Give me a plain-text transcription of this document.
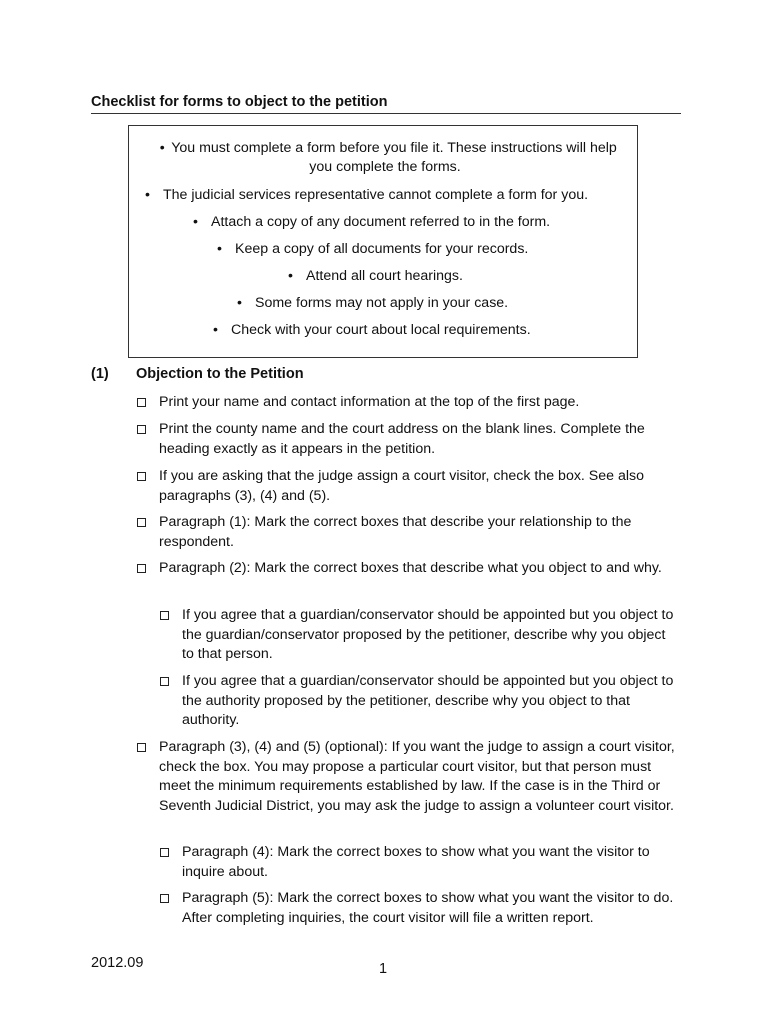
Checklist for forms to object to the petition
• You must complete a form before you file it. These instructions will help you complete the forms.
• The judicial services representative cannot complete a form for you.
• Attach a copy of any document referred to in the form.
• Keep a copy of all documents for your records.
• Attend all court hearings.
• Some forms may not apply in your case.
• Check with your court about local requirements.
(1) Objection to the Petition
Print your name and contact information at the top of the first page.
Print the county name and the court address on the blank lines. Complete the heading exactly as it appears in the petition.
If you are asking that the judge assign a court visitor, check the box. See also paragraphs (3), (4) and (5).
Paragraph (1): Mark the correct boxes that describe your relationship to the respondent.
Paragraph (2): Mark the correct boxes that describe what you object to and why.
If you agree that a guardian/conservator should be appointed but you object to the guardian/conservator proposed by the petitioner, describe why you object to that person.
If you agree that a guardian/conservator should be appointed but you object to the authority proposed by the petitioner, describe why you object to that authority.
Paragraph (3), (4) and (5) (optional): If you want the judge to assign a court visitor, check the box. You may propose a particular court visitor, but that person must meet the minimum requirements established by law. If the case is in the Third or Seventh Judicial District, you may ask the judge to assign a volunteer court visitor.
Paragraph (4): Mark the correct boxes to show what you want the visitor to inquire about.
Paragraph (5): Mark the correct boxes to show what you want the visitor to do. After completing inquiries, the court visitor will file a written report.
2012.09	1
